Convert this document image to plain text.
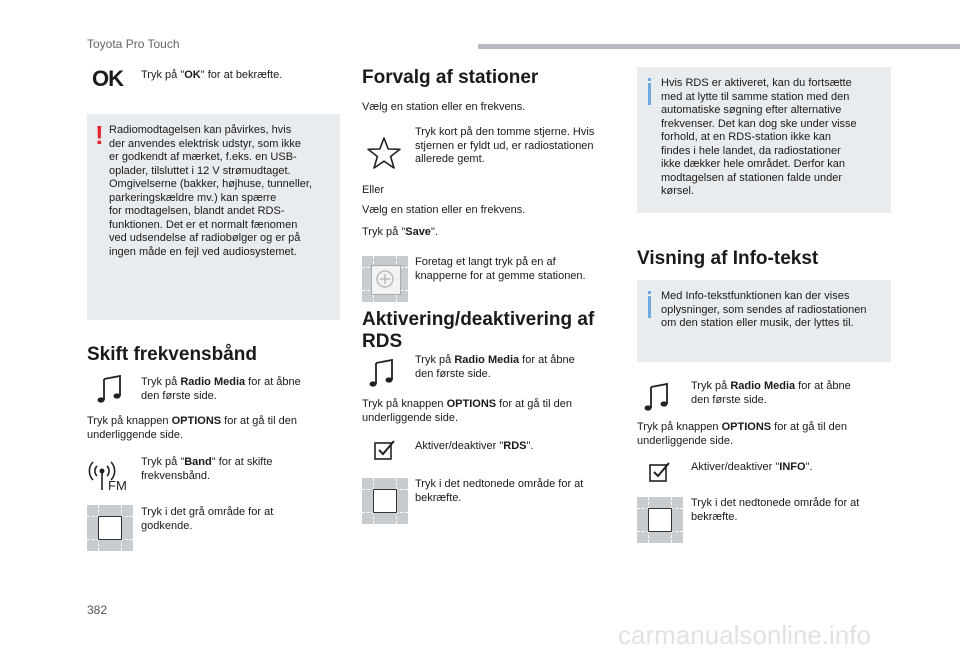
Toyota Pro Touch
OK Tryk på "OK" for at bekræfte.
! Radiomodtagelsen kan påvirkes, hvis
der anvendes elektrisk udstyr, som ikke
er godkendt af mærket, f.eks. en USB-
oplader, tilsluttet i 12 V strømudtaget.
Omgivelserne (bakker, højhuse, tunneller,
parkeringskældre mv.) kan spærre
for modtagelsen, blandt andet RDS-
funktionen. Det er et normalt fænomen
ved udsendelse af radiobølger og er på
ingen måde en fejl ved audiosystemet.
Skift frekvensbånd
Tryk på Radio Media for at åbne
den første side.
Tryk på knappen OPTIONS for at gå til den
underliggende side.
FM
Tryk på "Band" for at skifte
frekvensbånd.
Tryk i det grå område for at
godkende.
Forvalg af stationer
Vælg en station eller en frekvens.
Tryk kort på den tomme stjerne. Hvis
stjernen er fyldt ud, er radiostationen
allerede gemt.
Eller
Vælg en station eller en frekvens.
Tryk på "Save".
Foretag et langt tryk på en af
knapperne for at gemme stationen.
Aktivering/deaktivering af
RDS
Tryk på Radio Media for at åbne
den første side.
Tryk på knappen OPTIONS for at gå til den
underliggende side.
Aktiver/deaktiver "RDS".
Tryk i det nedtonede område for at
bekræfte.
Hvis RDS er aktiveret, kan du fortsætte
med at lytte til samme station med den
automatiske søgning efter alternative
frekvenser. Det kan dog ske under visse
forhold, at en RDS-station ikke kan
findes i hele landet, da radiostationer
ikke dækker hele området. Derfor kan
modtagelsen af stationen falde under
kørsel.
Visning af Info-tekst
Med Info-tekstfunktionen kan der vises
oplysninger, som sendes af radiostationen
om den station eller musik, der lyttes til.
Tryk på Radio Media for at åbne
den første side.
Tryk på knappen OPTIONS for at gå til den
underliggende side.
Aktiver/deaktiver "INFO".
Tryk i det nedtonede område for at
bekræfte.
382
carmanualsonline.info
